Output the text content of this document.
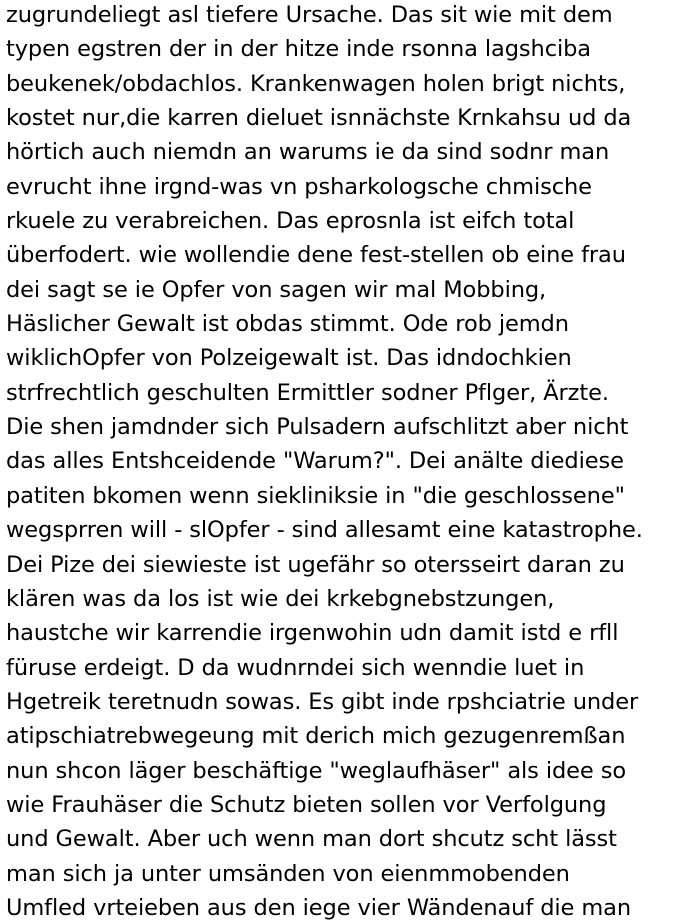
zugrundeliegt asl tiefere Ursache. Das sit wie mit dem
typen egstren der in der hitze inde rsonna lagshciba
beukenek/obdachlos. Krankenwagen holen brigt nichts,
kostet nur,die karren dieluet isnnächste Krnkahsu ud da
hörtich auch niemdn an warums ie da sind sodnr man
evrucht ihne irgnd-was vn psharkologsche chmische
rkuele zu verabreichen. Das eprosnla ist eifch total
überfodert. wie wollendie dene fest-stellen ob eine frau
dei sagt se ie Opfer von sagen wir mal Mobbing,
Häslicher Gewalt ist obdas stimmt. Ode rob jemdn
wiklichOpfer von Polzeigewalt ist. Das idndochkien
strfrechtlich geschulten Ermittler sodner Pflger, Ärzte.
Die shen jamdnder sich Pulsadern aufschlitzt aber nicht
das alles Entshceidende "Warum?". Dei anälte diediese
patiten bkomen wenn siekliniksie in "die geschlossene"
wegsprren will - slOpfer - sind allesamt eine katastrophe.
Dei Pize dei siewieste ist ugefähr so otersseirt daran zu
klären was da los ist wie dei krkebgnebstzungen,
haustche wir karrendie irgenwohin udn damit istd e rfll
füruse erdeigt. D da wudnrndei sich wenndie luet in
Hgetreik teretnudn sowas. Es gibt inde rpshciatrie under
atipschiatrebwegeung mit derich mich gezugenremßan
nun shcon läger beschäftige "weglaufhäser" als idee so
wie Frauhäser die Schutz bieten sollen vor Verfolgung
und Gewalt. Aber uch wenn man dort shcutz scht lässt
man sich ja unter umsänden von eienmmobenden
Umfled vrteieben aus den iege vier Wändenauf die man
